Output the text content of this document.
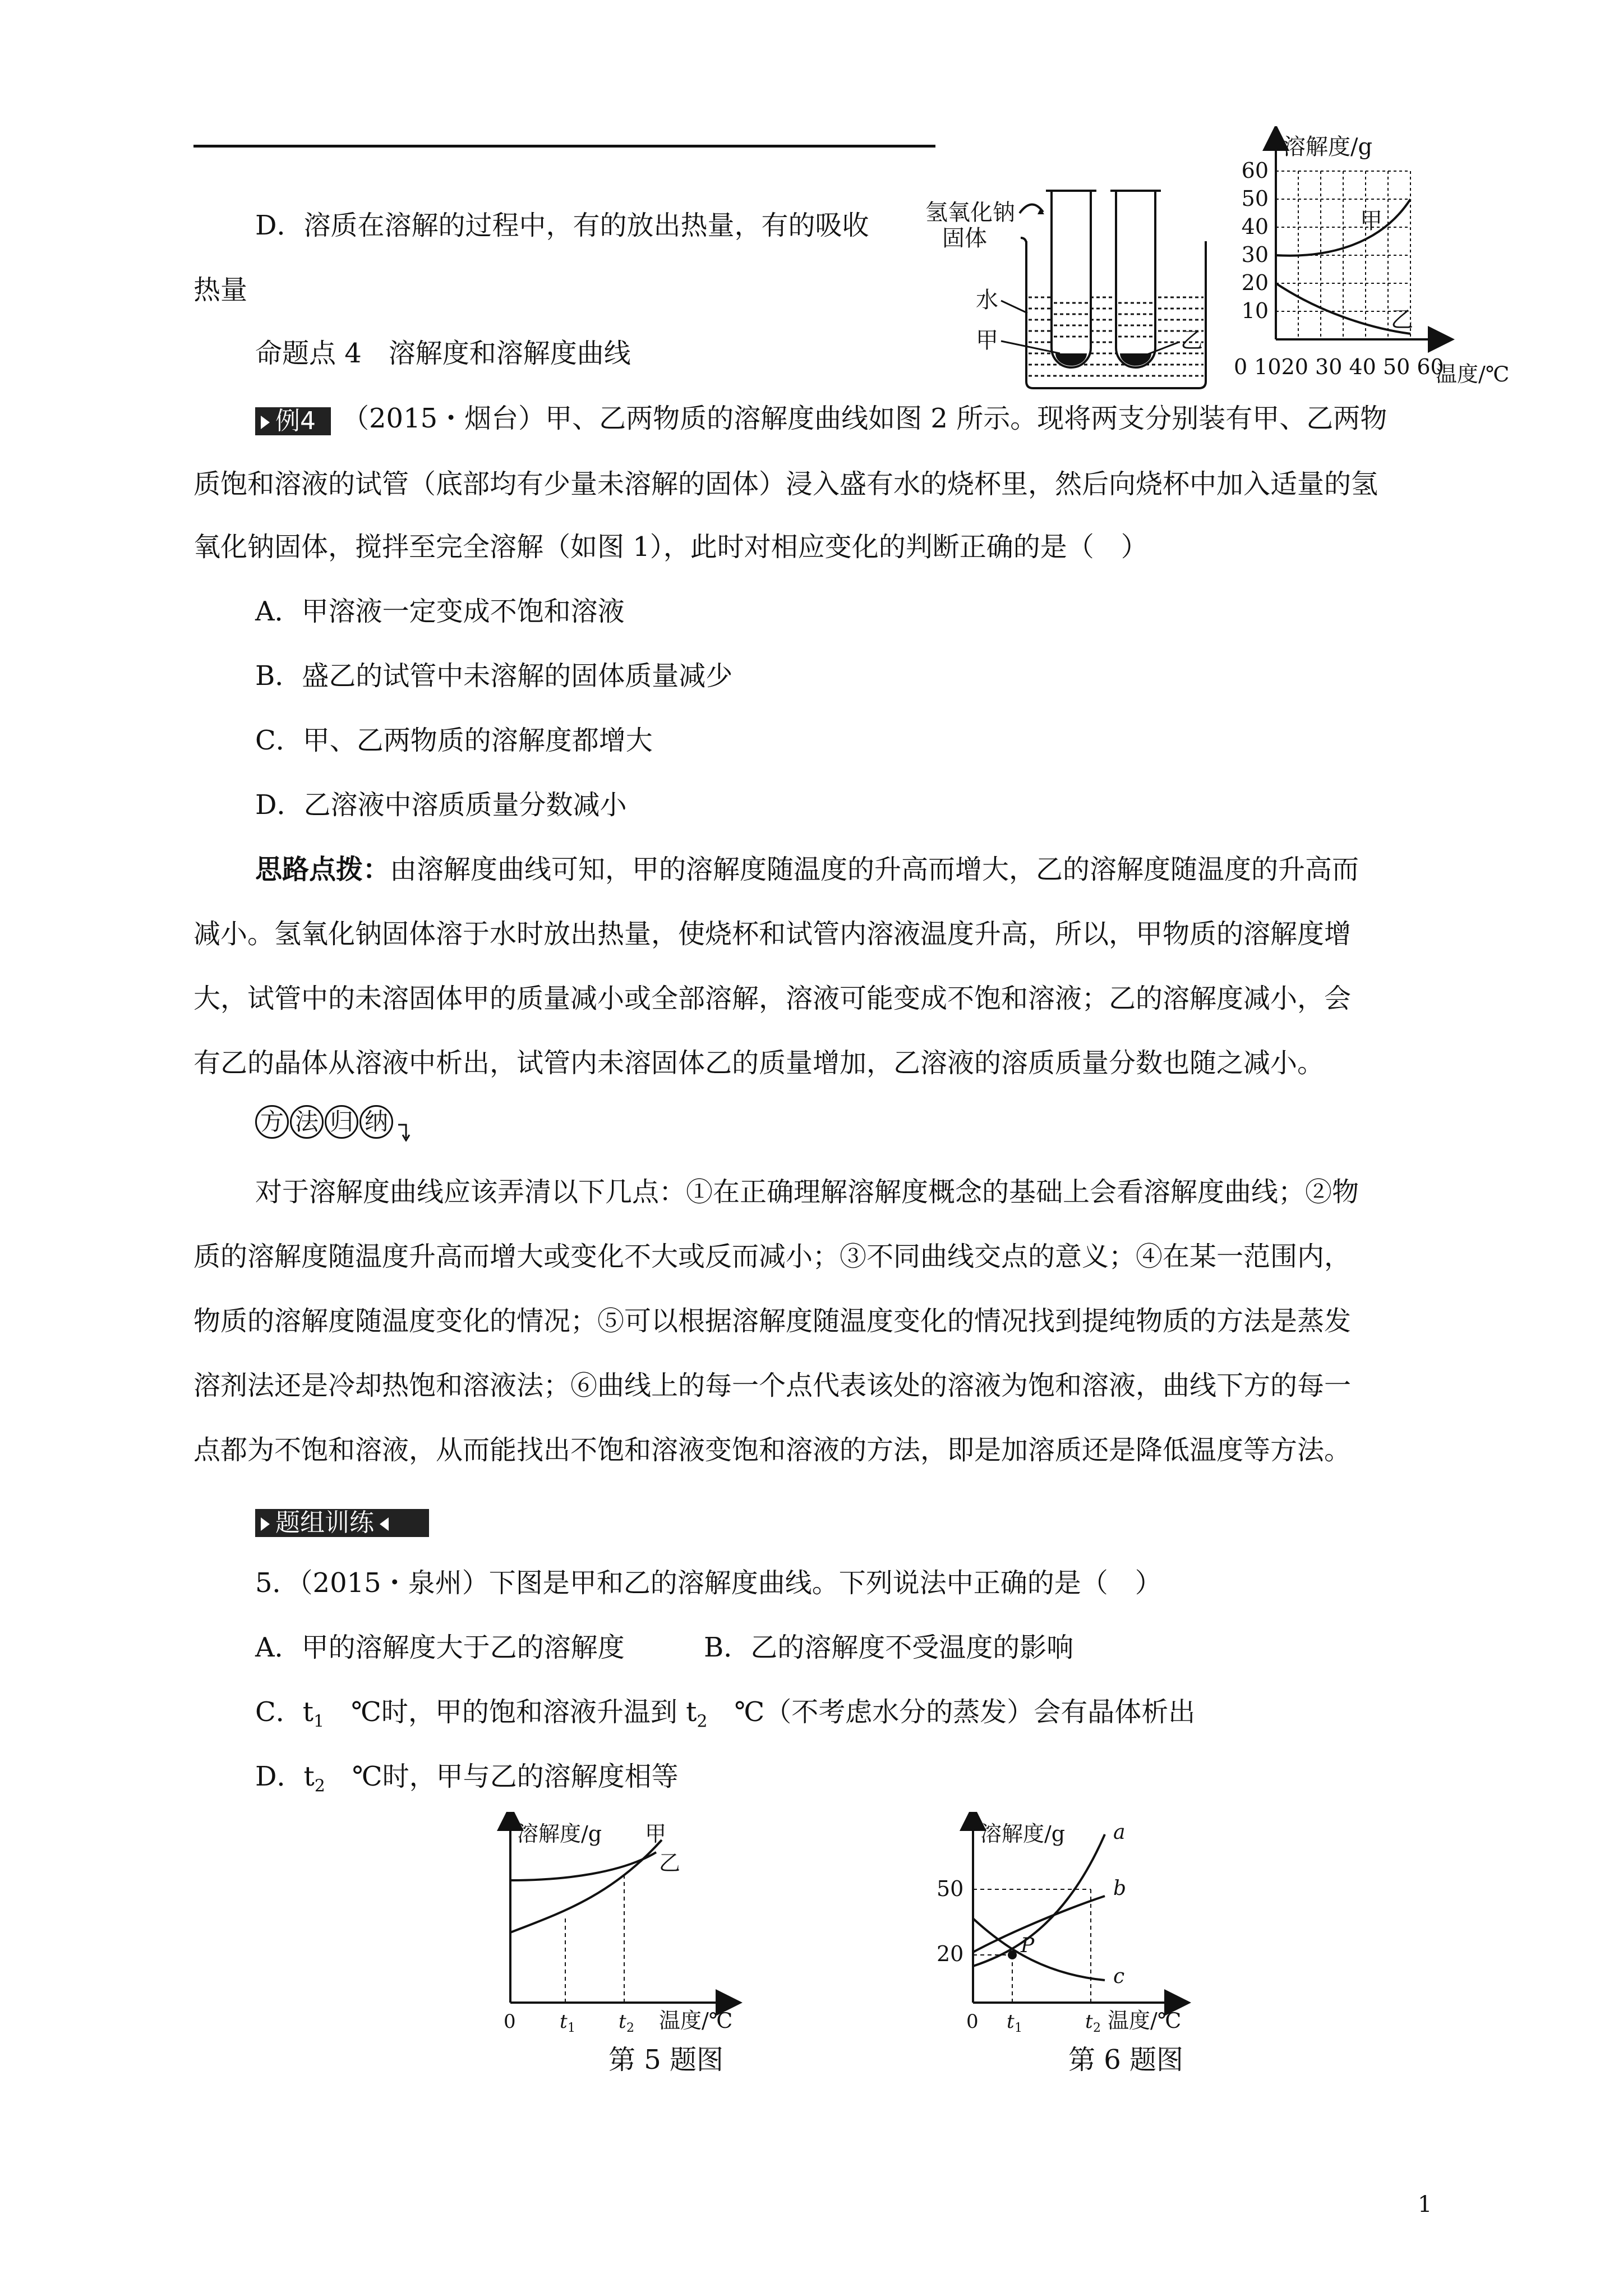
D．溶质在溶解的过程中，有的放出热量，有的吸收
热量
命题点 4　溶解度和溶解度曲线
氢氧化钠
固体
水
甲	乙
溶解度/g
60
50
40
30
20
10
0 1020 30 40 50 60
温度/℃
甲
乙
例4 （2015・烟台）甲、乙两物质的溶解度曲线如图 2 所示。现将两支分别装有甲、乙两物
质饱和溶液的试管（底部均有少量未溶解的固体）浸入盛有水的烧杯里，然后向烧杯中加入适量的氢
氧化钠固体，搅拌至完全溶解（如图 1），此时对相应变化的判断正确的是（　）
A．甲溶液一定变成不饱和溶液
B．盛乙的试管中未溶解的固体质量减少
C．甲、乙两物质的溶解度都增大
D．乙溶液中溶质质量分数减小
思路点拨：由溶解度曲线可知，甲的溶解度随温度的升高而增大，乙的溶解度随温度的升高而
减小。氢氧化钠固体溶于水时放出热量，使烧杯和试管内溶液温度升高，所以，甲物质的溶解度增
大，试管中的未溶固体甲的质量减小或全部溶解，溶液可能变成不饱和溶液；乙的溶解度减小，会
有乙的晶体从溶液中析出，试管内未溶固体乙的质量增加，乙溶液的溶质质量分数也随之减小。
方 法 归 纳
对于溶解度曲线应该弄清以下几点：①在正确理解溶解度概念的基础上会看溶解度曲线；②物
质的溶解度随温度升高而增大或变化不大或反而减小；③不同曲线交点的意义；④在某一范围内，
物质的溶解度随温度变化的情况；⑤可以根据溶解度随温度变化的情况找到提纯物质的方法是蒸发
溶剂法还是冷却热饱和溶液法；⑥曲线上的每一个点代表该处的溶液为饱和溶液，曲线下方的每一
点都为不饱和溶液，从而能找出不饱和溶液变饱和溶液的方法，即是加溶质还是降低温度等方法。
题组训练
5．（2015・泉州）下图是甲和乙的溶解度曲线。下列说法中正确的是（　）
A．甲的溶解度大于乙的溶解度	B．乙的溶解度不受温度的影响
C．$t_1$　 ℃时，甲的饱和溶液升温到 $t_2$　 ℃（不考虑水分的蒸发）会有晶体析出
D．$t_2$　 ℃时，甲与乙的溶解度相等
溶解度/g 甲
乙
0 t 1 t 2 温度/℃
第 5 题图
溶解度/g
50
20
a
b
c
P
0 t 1	t 2 温度/℃
第 6 题图
1
